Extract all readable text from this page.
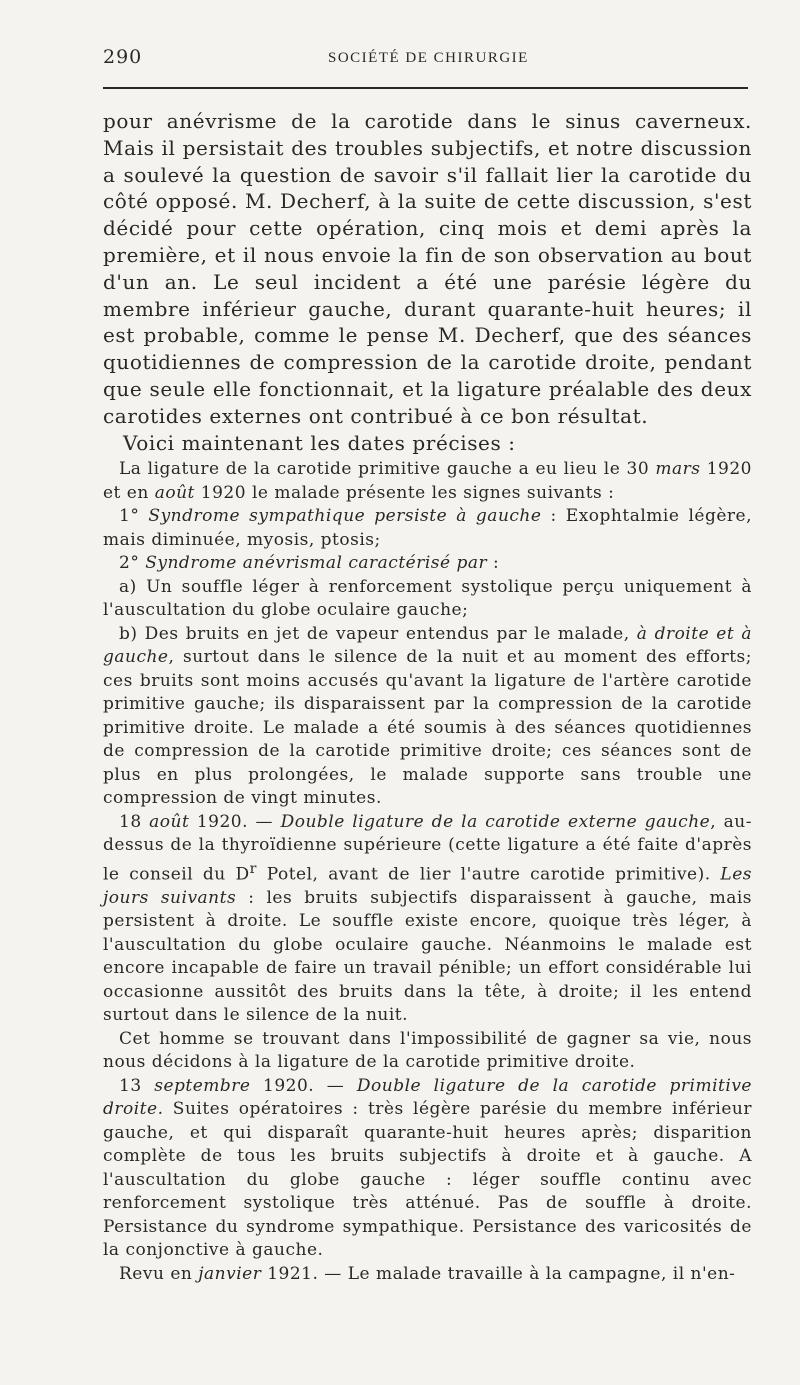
290	SOCIÉTÉ DE CHIRURGIE

pour anévrisme de la carotide dans le sinus caverneux. Mais il persistait des troubles subjectifs, et notre discussion a soulevé la question de savoir s'il fallait lier la carotide du côté opposé. M. Decherf, à la suite de cette discussion, s'est décidé pour cette opération, cinq mois et demi après la première, et il nous envoie la fin de son observation au bout d'un an. Le seul incident a été une parésie légère du membre inférieur gauche, durant quarante-huit heures; il est probable, comme le pense M. Decherf, que des séances quotidiennes de compression de la carotide droite, pendant que seule elle fonctionnait, et la ligature préalable des deux carotides externes ont contribué à ce bon résultat.

Voici maintenant les dates précises :

La ligature de la carotide primitive gauche a eu lieu le 30 mars 1920 et en août 1920 le malade présente les signes suivants :

1° Syndrome sympathique persiste à gauche : Exophtalmie légère, mais diminuée, myosis, ptosis;

2° Syndrome anévrismal caractérisé par :

a) Un souffle léger à renforcement systolique perçu uniquement à l'auscultation du globe oculaire gauche;

b) Des bruits en jet de vapeur entendus par le malade, à droite et à gauche, surtout dans le silence de la nuit et au moment des efforts; ces bruits sont moins accusés qu'avant la ligature de l'artère carotide primitive gauche; ils disparaissent par la compression de la carotide primitive droite. Le malade a été soumis à des séances quotidiennes de compression de la carotide primitive droite; ces séances sont de plus en plus prolongées, le malade supporte sans trouble une compression de vingt minutes.

18 août 1920. — Double ligature de la carotide externe gauche, au-dessus de la thyroïdienne supérieure (cette ligature a été faite d'après le conseil du $D^r$ Potel, avant de lier l'autre carotide primitive). Les jours suivants : les bruits subjectifs disparaissent à gauche, mais persistent à droite. Le souffle existe encore, quoique très léger, à l'auscultation du globe oculaire gauche. Néanmoins le malade est encore incapable de faire un travail pénible; un effort considérable lui occasionne aussitôt des bruits dans la tête, à droite; il les entend surtout dans le silence de la nuit.

Cet homme se trouvant dans l'impossibilité de gagner sa vie, nous nous décidons à la ligature de la carotide primitive droite.

13 septembre 1920. — Double ligature de la carotide primitive droite. Suites opératoires : très légère parésie du membre inférieur gauche, et qui disparaît quarante-huit heures après; disparition complète de tous les bruits subjectifs à droite et à gauche. A l'auscultation du globe gauche : léger souffle continu avec renforcement systolique très atténué. Pas de souffle à droite. Persistance du syndrome sympathique. Persistance des varicosités de la conjonctive à gauche.

Revu en janvier 1921. — Le malade travaille à la campagne, il n'en-
